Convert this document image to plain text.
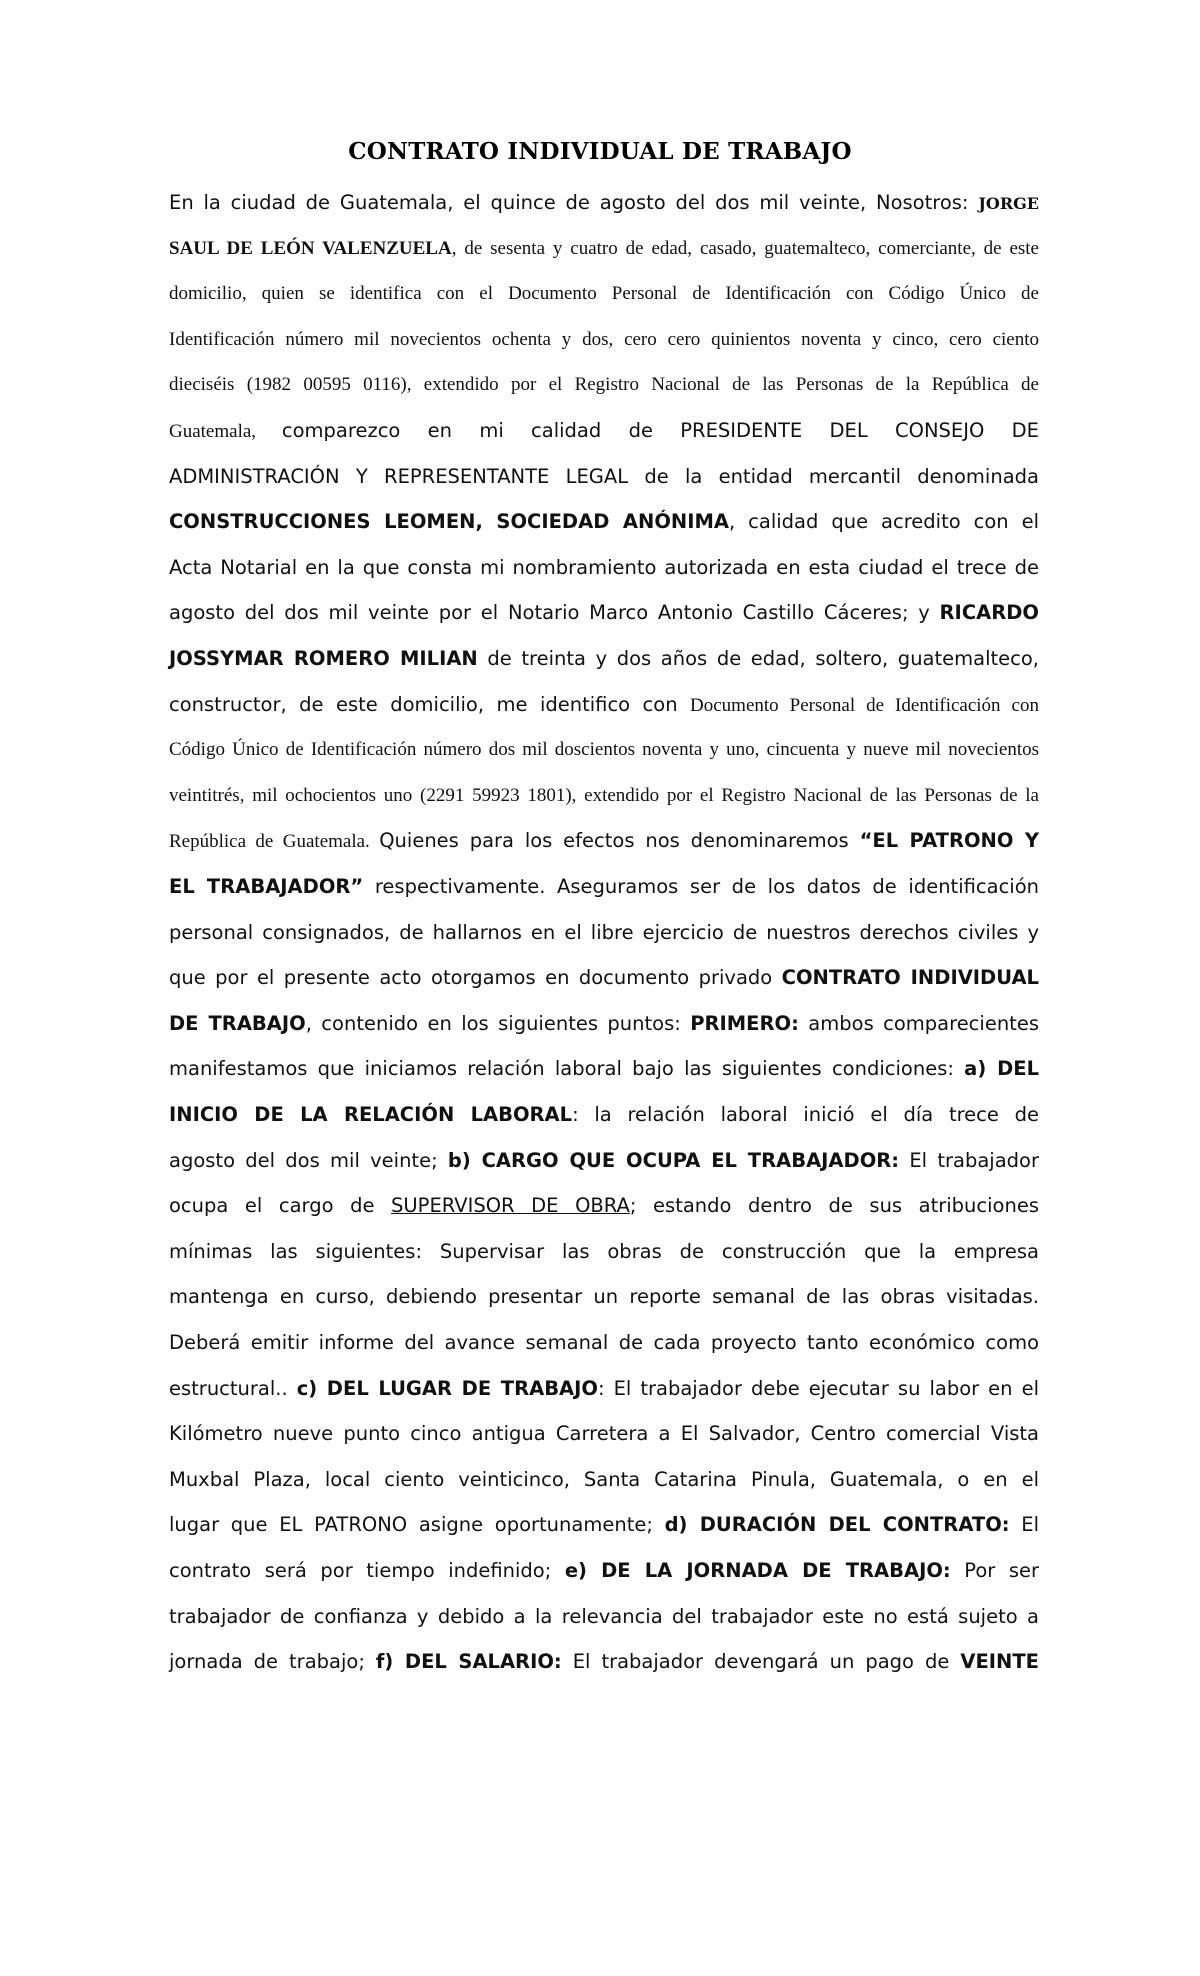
CONTRATO INDIVIDUAL DE TRABAJO
En la ciudad de Guatemala, el quince de agosto del dos mil veinte, Nosotros: JORGE
SAUL DE LEÓN VALENZUELA, de sesenta y cuatro de edad, casado, guatemalteco, comerciante, de este
domicilio, quien se identifica con el Documento Personal de Identificación con Código Único de
Identificación número mil novecientos ochenta y dos, cero cero quinientos noventa y cinco, cero ciento
dieciséis (1982 00595 0116), extendido por el Registro Nacional de las Personas de la República de
Guatemala, comparezco en mi calidad de PRESIDENTE DEL CONSEJO DE
ADMINISTRACIÓN Y REPRESENTANTE LEGAL de la entidad mercantil denominada
CONSTRUCCIONES LEOMEN, SOCIEDAD ANÓNIMA, calidad que acredito con el
Acta Notarial en la que consta mi nombramiento autorizada en esta ciudad el trece de
agosto del dos mil veinte por el Notario Marco Antonio Castillo Cáceres; y RICARDO
JOSSYMAR ROMERO MILIAN de treinta y dos años de edad, soltero, guatemalteco,
constructor, de este domicilio, me identifico con Documento Personal de Identificación con
Código Único de Identificación número dos mil doscientos noventa y uno, cincuenta y nueve mil novecientos
veintitrés, mil ochocientos uno (2291 59923 1801), extendido por el Registro Nacional de las Personas de la
República de Guatemala. Quienes para los efectos nos denominaremos “EL PATRONO Y
EL TRABAJADOR” respectivamente. Aseguramos ser de los datos de identificación
personal consignados, de hallarnos en el libre ejercicio de nuestros derechos civiles y
que por el presente acto otorgamos en documento privado CONTRATO INDIVIDUAL
DE TRABAJO, contenido en los siguientes puntos: PRIMERO: ambos comparecientes
manifestamos que iniciamos relación laboral bajo las siguientes condiciones: a) DEL
INICIO DE LA RELACIÓN LABORAL: la relación laboral inició el día trece de
agosto del dos mil veinte; b) CARGO QUE OCUPA EL TRABAJADOR: El trabajador
ocupa el cargo de SUPERVISOR DE OBRA; estando dentro de sus atribuciones
mínimas las siguientes: Supervisar las obras de construcción que la empresa
mantenga en curso, debiendo presentar un reporte semanal de las obras visitadas.
Deberá emitir informe del avance semanal de cada proyecto tanto económico como
estructural.. c) DEL LUGAR DE TRABAJO: El trabajador debe ejecutar su labor en el
Kilómetro nueve punto cinco antigua Carretera a El Salvador, Centro comercial Vista
Muxbal Plaza, local ciento veinticinco, Santa Catarina Pinula, Guatemala, o en el
lugar que EL PATRONO asigne oportunamente; d) DURACIÓN DEL CONTRATO: El
contrato será por tiempo indefinido; e) DE LA JORNADA DE TRABAJO: Por ser
trabajador de confianza y debido a la relevancia del trabajador este no está sujeto a
jornada de trabajo; f) DEL SALARIO: El trabajador devengará un pago de VEINTE
